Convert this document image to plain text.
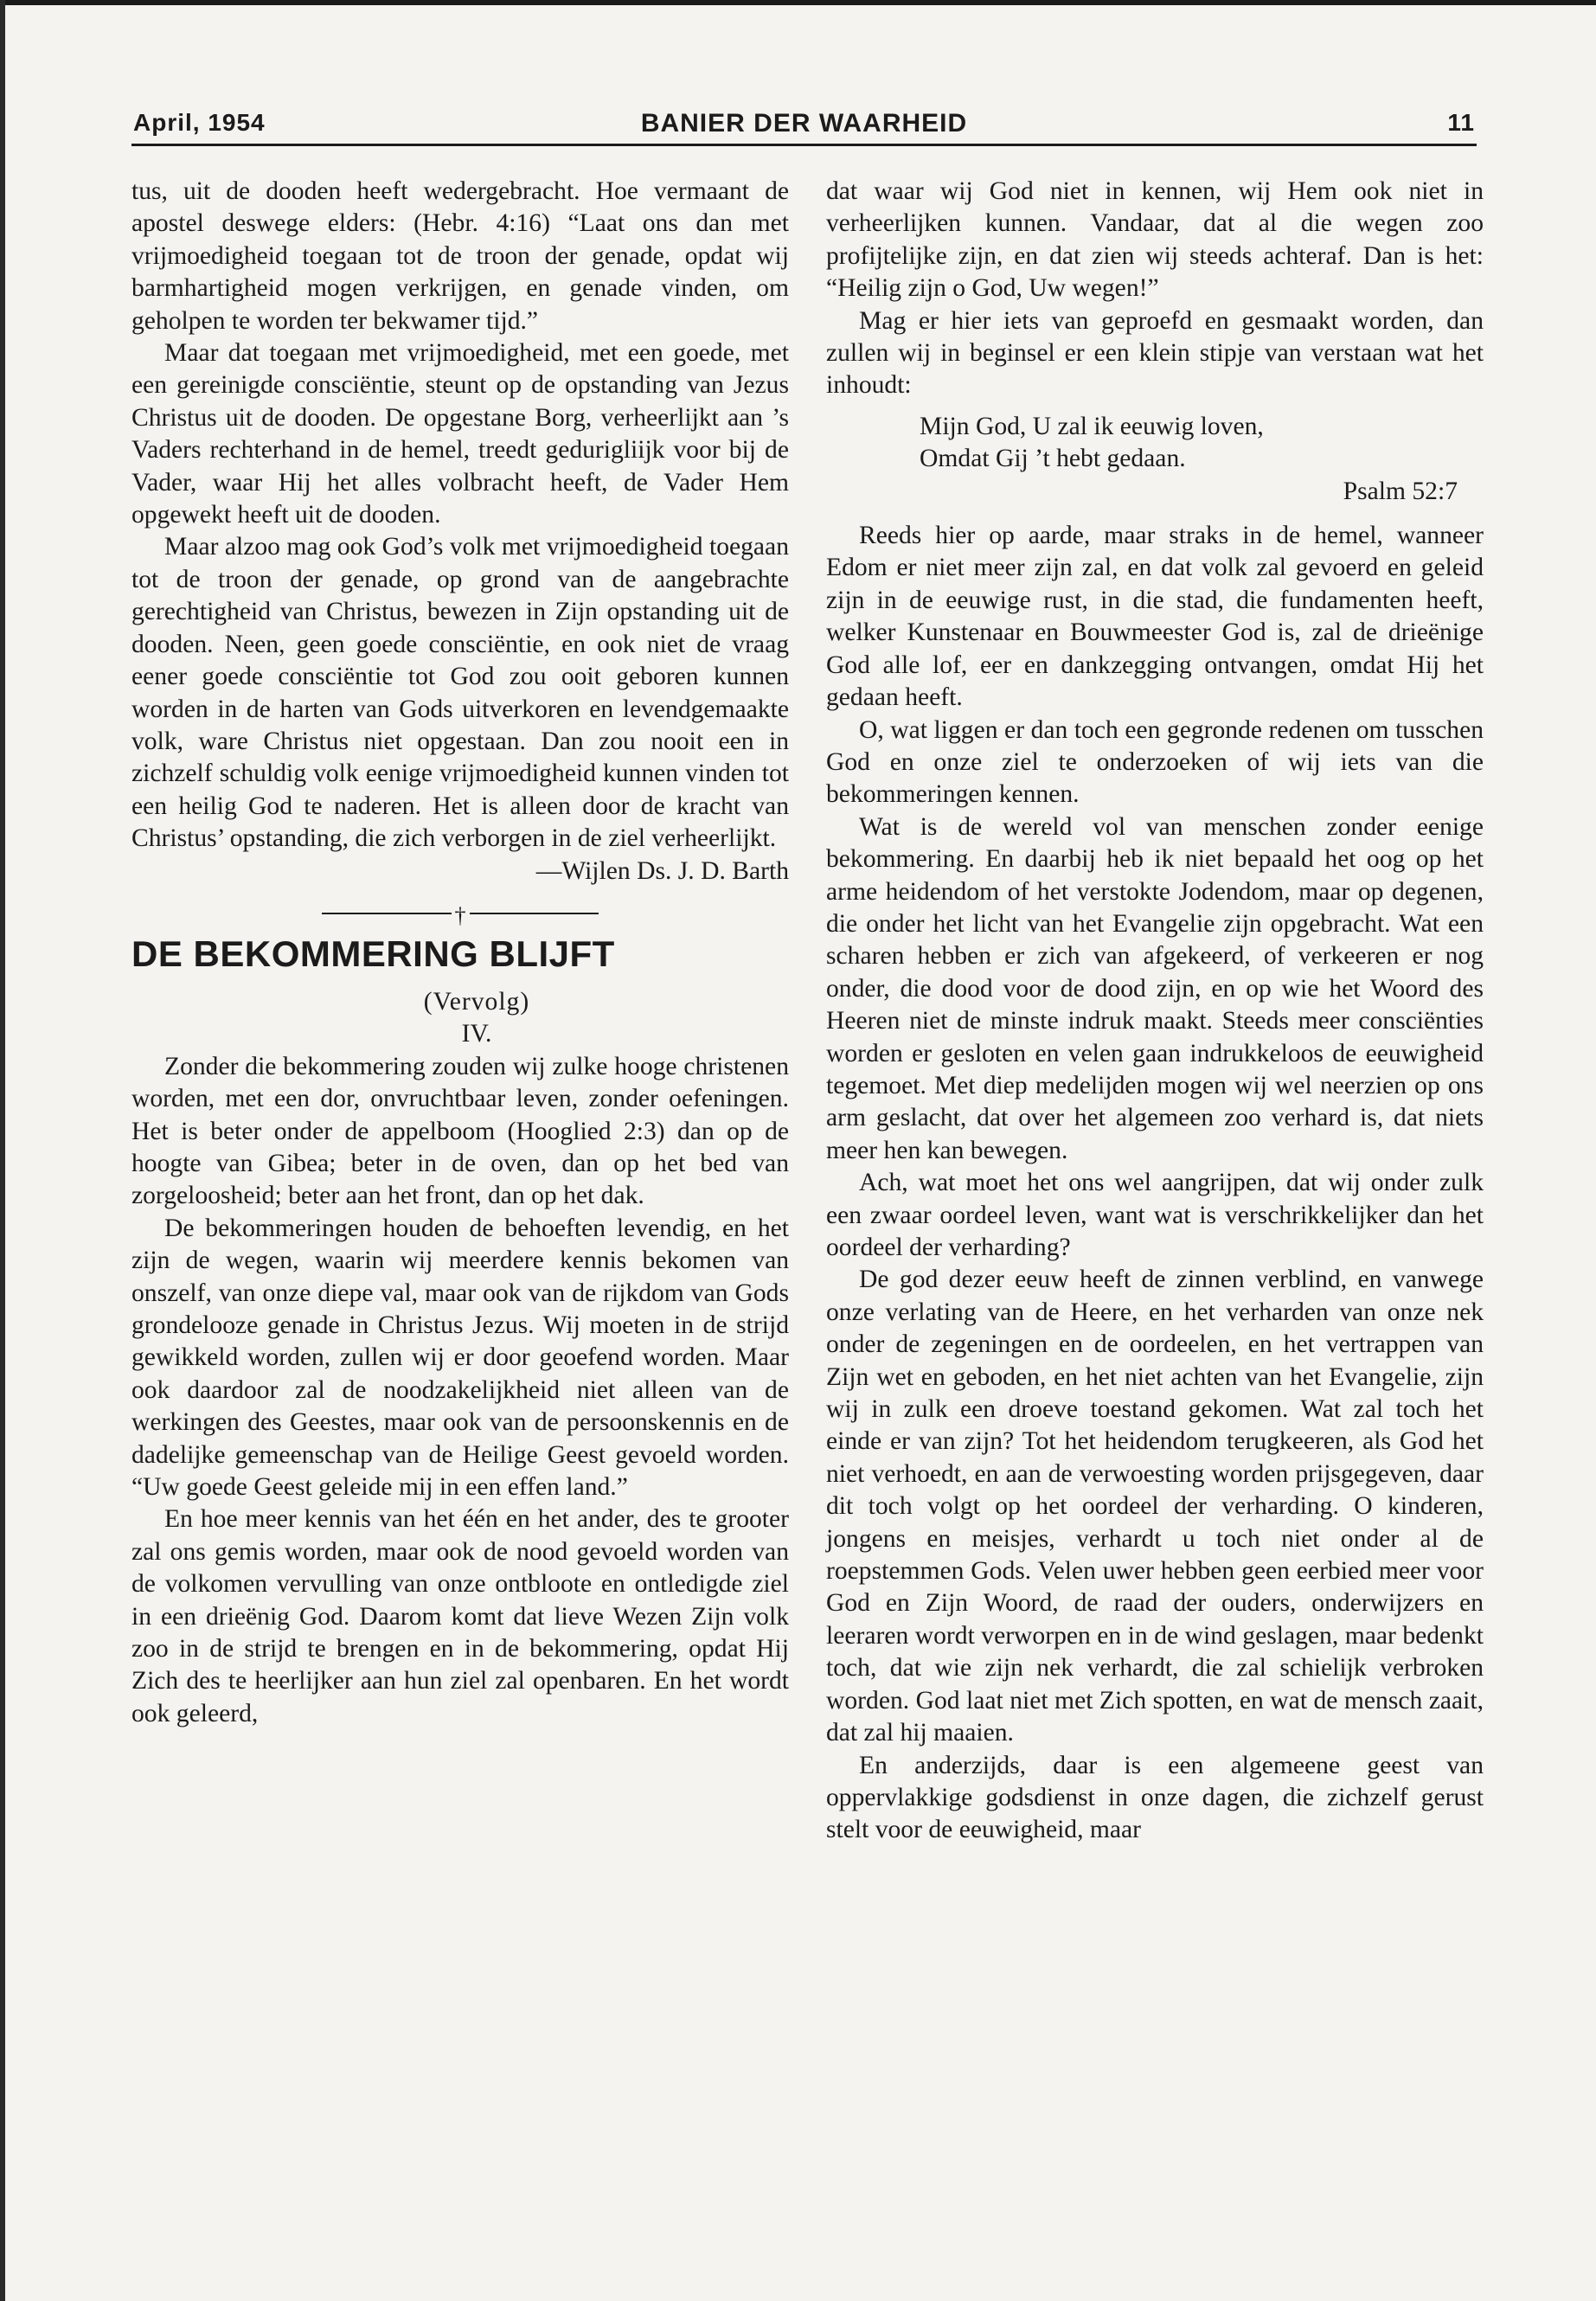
April, 1954	BANIER DER WAARHEID	11

tus, uit de dooden heeft wedergebracht. Hoe vermaant de apostel deswege elders: (Hebr. 4:16) “Laat ons dan met vrijmoedigheid toegaan tot de troon der genade, opdat wij barmhartigheid mogen verkrijgen, en genade vinden, om geholpen te worden ter bekwamer tijd.”

Maar dat toegaan met vrijmoedigheid, met een goede, met een gereinigde consciëntie, steunt op de opstanding van Jezus Christus uit de dooden. De opgestane Borg, verheerlijkt aan ’s Vaders rechterhand in de hemel, treedt gedurigliijk voor bij de Vader, waar Hij het alles volbracht heeft, de Vader Hem opgewekt heeft uit de dooden.

Maar alzoo mag ook God’s volk met vrijmoedigheid toegaan tot de troon der genade, op grond van de aangebrachte gerechtigheid van Christus, bewezen in Zijn opstanding uit de dooden. Neen, geen goede consciëntie, en ook niet de vraag eener goede consciëntie tot God zou ooit geboren kunnen worden in de harten van Gods uitverkoren en levendgemaakte volk, ware Christus niet opgestaan. Dan zou nooit een in zichzelf schuldig volk eenige vrijmoedigheid kunnen vinden tot een heilig God te naderen. Het is alleen door de kracht van Christus’ opstanding, die zich verborgen in de ziel verheerlijkt.

—Wijlen Ds. J. D. Barth

†
DE BEKOMMERING BLIJFT

(Vervolg)

IV.

Zonder die bekommering zouden wij zulke hooge christenen worden, met een dor, onvruchtbaar leven, zonder oefeningen. Het is beter onder de appelboom (Hooglied 2:3) dan op de hoogte van Gibea; beter in de oven, dan op het bed van zorgeloosheid; beter aan het front, dan op het dak.

De bekommeringen houden de behoeften levendig, en het zijn de wegen, waarin wij meerdere kennis bekomen van onszelf, van onze diepe val, maar ook van de rijkdom van Gods grondelooze genade in Christus Jezus. Wij moeten in de strijd gewikkeld worden, zullen wij er door geoefend worden. Maar ook daardoor zal de noodzakelijkheid niet alleen van de werkingen des Geestes, maar ook van de persoonskennis en de dadelijke gemeenschap van de Heilige Geest gevoeld worden. “Uw goede Geest geleide mij in een effen land.”

En hoe meer kennis van het één en het ander, des te grooter zal ons gemis worden, maar ook de nood gevoeld worden van de volkomen vervulling van onze ontbloote en ontledigde ziel in een drieënig God. Daarom komt dat lieve Wezen Zijn volk zoo in de strijd te brengen en in de bekommering, opdat Hij Zich des te heerlijker aan hun ziel zal openbaren. En het wordt ook geleerd,

dat waar wij God niet in kennen, wij Hem ook niet in verheerlijken kunnen. Vandaar, dat al die wegen zoo profijtelijke zijn, en dat zien wij steeds achteraf. Dan is het: “Heilig zijn o God, Uw wegen!”

Mag er hier iets van geproefd en gesmaakt worden, dan zullen wij in beginsel er een klein stipje van verstaan wat het inhoudt:

Mijn God, U zal ik eeuwig loven,

Omdat Gij ’t hebt gedaan.

Psalm 52:7

Reeds hier op aarde, maar straks in de hemel, wanneer Edom er niet meer zijn zal, en dat volk zal gevoerd en geleid zijn in de eeuwige rust, in die stad, die fundamenten heeft, welker Kunstenaar en Bouwmeester God is, zal de drieënige God alle lof, eer en dankzegging ontvangen, omdat Hij het gedaan heeft.

O, wat liggen er dan toch een gegronde redenen om tusschen God en onze ziel te onderzoeken of wij iets van die bekommeringen kennen.

Wat is de wereld vol van menschen zonder eenige bekommering. En daarbij heb ik niet bepaald het oog op het arme heidendom of het verstokte Jodendom, maar op degenen, die onder het licht van het Evangelie zijn opgebracht. Wat een scharen hebben er zich van afgekeerd, of verkeeren er nog onder, die dood voor de dood zijn, en op wie het Woord des Heeren niet de minste indruk maakt. Steeds meer consciënties worden er gesloten en velen gaan indrukkeloos de eeuwigheid tegemoet. Met diep medelijden mogen wij wel neerzien op ons arm geslacht, dat over het algemeen zoo verhard is, dat niets meer hen kan bewegen.

Ach, wat moet het ons wel aangrijpen, dat wij onder zulk een zwaar oordeel leven, want wat is verschrikkelijker dan het oordeel der verharding?

De god dezer eeuw heeft de zinnen verblind, en vanwege onze verlating van de Heere, en het verharden van onze nek onder de zegeningen en de oordeelen, en het vertrappen van Zijn wet en geboden, en het niet achten van het Evangelie, zijn wij in zulk een droeve toestand gekomen. Wat zal toch het einde er van zijn? Tot het heidendom terugkeeren, als God het niet verhoedt, en aan de verwoesting worden prijsgegeven, daar dit toch volgt op het oordeel der verharding. O kinderen, jongens en meisjes, verhardt u toch niet onder al de roepstemmen Gods. Velen uwer hebben geen eerbied meer voor God en Zijn Woord, de raad der ouders, onderwijzers en leeraren wordt verworpen en in de wind geslagen, maar bedenkt toch, dat wie zijn nek verhardt, die zal schielijk verbroken worden. God laat niet met Zich spotten, en wat de mensch zaait, dat zal hij maaien.

En anderzijds, daar is een algemeene geest van oppervlakkige godsdienst in onze dagen, die zichzelf gerust stelt voor de eeuwigheid, maar
